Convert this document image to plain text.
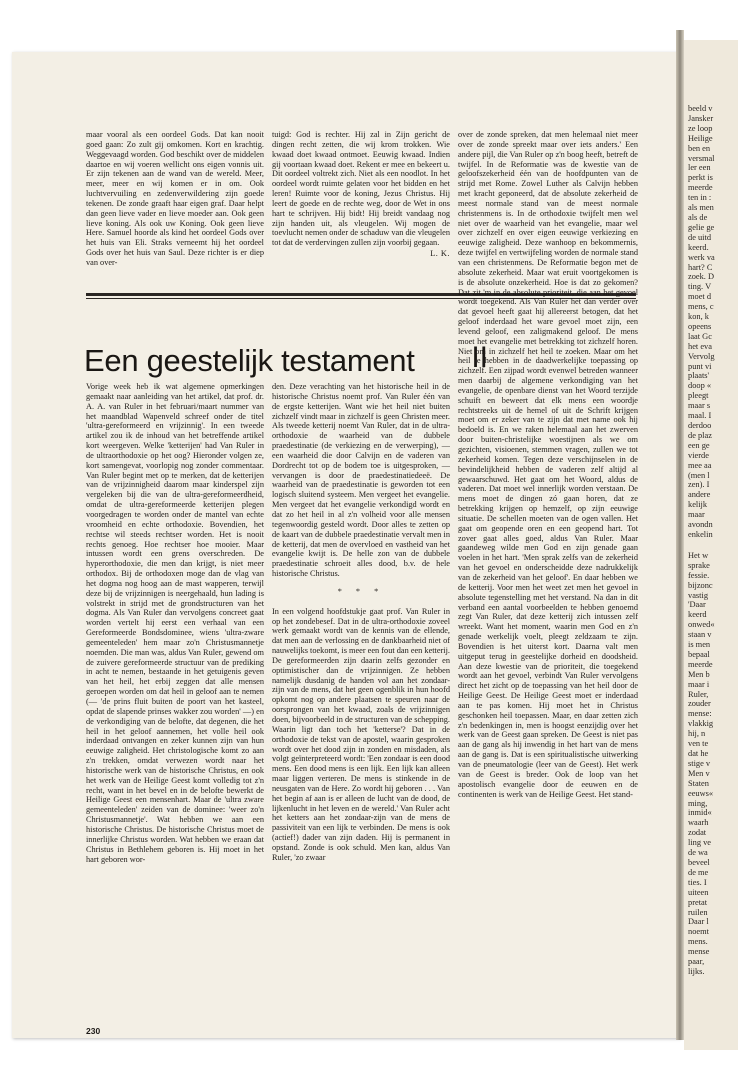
maar vooral als een oordeel Gods. Dat kan nooit goed gaan: Zo zult gij omkomen. Kort en krachtig. Weggevaagd worden. God beschikt over de middelen daartoe en wij voeren wellicht ons eigen vonnis uit. Er zijn tekenen aan de wand van de wereld. Meer, meer, meer en wij komen er in om. Ook luchtvervuiling en zedenverwildering zijn goede tekenen. De zonde graaft haar eigen graf. Daar helpt dan geen lieve vader en lieve moeder aan. Ook geen lieve koning. Als ook uw Koning. Ook geen lieve Here. Samuel hoorde als kind het oordeel Gods over het huis van Eli. Straks verneemt hij het oordeel Gods over het huis van Saul. Deze richter is er diep van over-

tuigd: God is rechter. Hij zal in Zijn gericht de dingen recht zetten, die wij krom trokken. Wie kwaad doet kwaad ontmoet. Eeuwig kwaad. Indien gij voortaan kwaad doet. Rekent er mee en bekeert u. Dit oordeel voltrekt zich. Niet als een noodlot. In het oordeel wordt ruimte gelaten voor het bidden en het leren! Ruimte voor de koning, Jezus Christus. Hij leert de goede en de rechte weg, door de Wet in ons hart te schrijven. Hij bidt! Hij breidt vandaag nog zijn handen uit, als vleugelen. Wij mogen de toevlucht nemen onder de schaduw van die vleugelen tot dat de verdervingen zullen zijn voorbij gegaan.

L. K.
Een geestelijk testament	II

Vorige week heb ik wat algemene opmerkingen gemaakt naar aanleiding van het artikel, dat prof. dr. A. A. van Ruler in het februari/maart nummer van het maandblad Wapenveld schreef onder de titel 'ultra-gereformeerd en vrijzinnig'. In een tweede artikel zou ik de inhoud van het betreffende artikel kort weergeven. Welke 'ketterijen' had Van Ruler in de ultraorthodoxie op het oog? Hieronder volgen ze, kort samengevat, voorlopig nog zonder commentaar. Van Ruler begint met op te merken, dat de ketterijen van de vrijzinnigheid daarom maar kinderspel zijn vergeleken bij die van de ultra-gereformeerdheid, omdat de ultra-gereformeerde ketterijen plegen voorgedragen te worden onder de mantel van echte vroomheid en echte orthodoxie. Bovendien, het rechtse wil steeds rechtser worden. Het is nooit rechts genoeg. Hoe rechtser hoe mooier. Maar intussen wordt een grens overschreden. De hyperorthodoxie, die men dan krijgt, is niet meer orthodox. Bij de orthodoxen moge dan de vlag van het dogma nog hoog aan de mast wapperen, terwijl deze bij de vrijzinnigen is neergehaald, hun lading is volstrekt in strijd met de grondstructuren van het dogma. Als Van Ruler dan vervolgens concreet gaat worden vertelt hij eerst een verhaal van een Gereformeerde Bondsdominee, wiens 'ultra-zware gemeenteleden' hem maar zo'n Christusmannetje noemden. Die man was, aldus Van Ruler, gewend om de zuivere gereformeerde structuur van de prediking in acht te nemen, bestaande in het getuigenis geven van het heil, het erbij zeggen dat alle mensen geroepen worden om dat heil in geloof aan te nemen (— 'de prins fluit buiten de poort van het kasteel, opdat de slapende prinses wakker zou worden' —) en de verkondiging van de belofte, dat degenen, die het heil in het geloof aannemen, het volle heil ook inderdaad ontvangen en zeker kunnen zijn van hun eeuwige zaligheid. Het christologische komt zo aan z'n trekken, omdat verwezen wordt naar het historische werk van de historische Christus, en ook het werk van de Heilige Geest komt volledig tot z'n recht, want in het bevel en in de belofte bewerkt de Heilige Geest een mensenhart. Maar de 'ultra zware gemeenteleden' zeiden van de dominee: 'weer zo'n Christusmannetje'. Wat hebben we aan een historische Christus. De historische Christus moet de innerlijke Christus worden. Wat hebben we eraan dat Christus in Bethlehem geboren is. Hij moet in het hart geboren wor-

den. Deze verachting van het historische heil in de historische Christus noemt prof. Van Ruler één van de ergste ketterijen. Want wie het heil niet buiten zichzelf vindt maar in zichzelf is geen Christen meer. Als tweede ketterij noemt Van Ruler, dat in de ultra-orthodoxie de waarheid van de dubbele praedestinatie (de verkiezing en de verwerping), — een waarheid die door Calvijn en de vaderen van Dordrecht tot op de bodem toe is uitgesproken, — vervangen is door de praedestinatiedeeë. De waarheid van de praedestinatie is geworden tot een logisch sluitend systeem. Men vergeet het evangelie. Men vergeet dat het evangelie verkondigd wordt en dat zo het heil in al z'n volheid voor alle mensen tegenwoordig gesteld wordt. Door alles te zetten op de kaart van de dubbele praedestinatie vervalt men in de ketterij, dat men de overvloed en vastheid van het evangelie kwijt is. De helle zon van de dubbele praedestinatie schroeit alles dood, b.v. de hele historische Christus.

* * *

In een volgend hoofdstukje gaat prof. Van Ruler in op het zondebesef. Dat in de ultra-orthodoxie zoveel werk gemaakt wordt van de kennis van de ellende, dat men aan de verlossing en de dankbaarheid niet of nauwelijks toekomt, is meer een fout dan een ketterij. De gereformeerden zijn daarin zelfs gezonder en optimistischer dan de vrijzinnigen. Ze hebben namelijk dusdanig de handen vol aan het zondaar-zijn van de mens, dat het geen ogenblik in hun hoofd opkomt nog op andere plaatsen te speuren naar de oorsprongen van het kwaad, zoals de vrijzinnigen doen, bijvoorbeeld in de structuren van de schepping. Waarin ligt dan toch het 'ketterse'? Dat in de orthodoxie de tekst van de apostel, waarin gesproken wordt over het dood zijn in zonden en misdaden, als volgt geïnterpreteerd wordt: 'Een zondaar is een dood mens. Een dood mens is een lijk. Een lijk kan alleen maar liggen verteren. De mens is stinkende in de neusgaten van de Here. Zo wordt hij geboren . . . Van het begin af aan is er alleen de lucht van de dood, de lijkenlucht in het leven en de wereld.' Van Ruler acht het ketters aan het zondaar-zijn van de mens de passiviteit van een lijk te verbinden. De mens is ook (actief!) dader van zijn daden. Hij is permanent in opstand. Zonde is ook schuld. Men kan, aldus Van Ruler, 'zo zwaar

over de zonde spreken, dat men helemaal niet meer over de zonde spreekt maar over iets anders.' Een andere pijl, die Van Ruler op z'n boog heeft, betreft de twijfel. In de Reformatie was de kwestie van de geloofszekerheid één van de hoofdpunten van de strijd met Rome. Zowel Luther als Calvijn hebben met kracht geponeerd, dat de absolute zekerheid de meest normale stand van de meest normale christenmens is. In de orthodoxie twijfelt men wel niet over de waarheid van het evangelie, maar wel over zichzelf en over eigen eeuwige verkiezing en eeuwige zaligheid. Deze wanhoop en bekommernis, deze twijfel en vertwijfeling worden de normale stand van een christenmens. De Reformatie begon met de absolute zekerheid. Maar wat eruit voortgekomen is is de absolute onzekerheid. Hoe is dat zo gekomen? Dat zit 'm in de absolute prioriteit, die aan het gevoel wordt toegekend. Als Van Ruler het dan verder over dat gevoel heeft gaat hij allereerst betogen, dat het geloof inderdaad het ware gevoel moet zijn, een levend geloof, een zaligmakend geloof. De mens moet het evangelie met betrekking tot zichzelf horen. Niet om in zichzelf het heil te zoeken. Maar om het heil te hebben in de daadwerkelijke toepassing op zichzelf. Een zijpad wordt evenwel betreden wanneer men daarbij de algemene verkondiging van het evangelie, de openbare dienst van het Woord terzijde schuift en beweert dat elk mens een woordje rechtstreeks uit de hemel of uit de Schrift krijgen moet om er zeker van te zijn dat met name ook hij bedoeld is. En we raken helemaal aan het zwerven door buiten-christelijke woestijnen als we om gezichten, visioenen, stemmen vragen, zullen we tot zekerheid komen. Tegen deze verschijnselen in de bevindelijkheid hebben de vaderen zelf altijd al gewaarschuwd. Het gaat om het Woord, aldus de vaderen. Dat moet wel innerlijk worden verstaan. De mens moet de dingen zó gaan horen, dat ze betrekking krijgen op hemzelf, op zijn eeuwige situatie. De schellen moeten van de ogen vallen. Het gaat om geopende oren en een geopend hart. Tot zover gaat alles goed, aldus Van Ruler. Maar gaandeweg wilde men God en zijn genade gaan voelen in het hart. 'Men sprak zelfs van de zekerheid van het gevoel en onderscheidde deze nadrukkelijk van de zekerheid van het geloof'. En daar hebben we de ketterij. Voor men het weet zet men het gevoel in absolute tegenstelling met het verstand. Na dan in dit verband een aantal voorbeelden te hebben genoemd zegt Van Ruler, dat deze ketterij zich intussen zelf wreekt. Want het moment, waarin men God en z'n genade werkelijk voelt, pleegt zeldzaam te zijn. Bovendien is het uiterst kort. Daarna valt men uitgeput terug in geestelijke dorheid en doodsheid. Aan deze kwestie van de prioriteit, die toegekend wordt aan het gevoel, verbindt Van Ruler vervolgens direct het zicht op de toepassing van het heil door de Heilige Geest. De Heilige Geest moet er inderdaad aan te pas komen. Hij moet het in Christus geschonken heil toepassen. Maar, en daar zetten zich z'n bedenkingen in, men is hoogst eenzijdig over het werk van de Geest gaan spreken. De Geest is niet pas aan de gang als hij inwendig in het hart van de mens aan de gang is. Dat is een spiritualistische uitwerking van de pneumatologie (leer van de Geest). Het werk van de Geest is breder. Ook de loop van het apostolisch evangelie door de eeuwen en de continenten is werk van de Heilige Geest. Het stand-

230
beeld v
Jansker
ze loop
Heilige
ben en
versmal
ler een
perkt is
meerde
ten in :
als men
als de
gelie ge
de uitd
keerd.
werk va
hart? C
zoek. D
ting. V
moet d
mens, c
kon, k
opeens
laat Gc
het eva
Vervolg
punt vi
plaats'
doop «
pleegt
maar s
maal. I
derdoo
de plaz
een ge
vierde
mee aa
(men l
zen). I
andere
kelijk
maar
avondn
enkelin
Het w
sprake
fessie.
bijzonc
vastig
'Daar
keerd
onwed«
staan v
is men
bepaal
meerde
Men b
maar i
Ruler,
zouder
mense:
vlakkig
hij, n
ven te
dat he
stige v
Men v
Staten
eeuws«
ming,
inmid«
waarh
zodat
ling ve
de wa
beveel
de me
ties. I
uiteen
pretat
ruilen
Daar l
noemt
mens.
mense
paar,
lijks.
